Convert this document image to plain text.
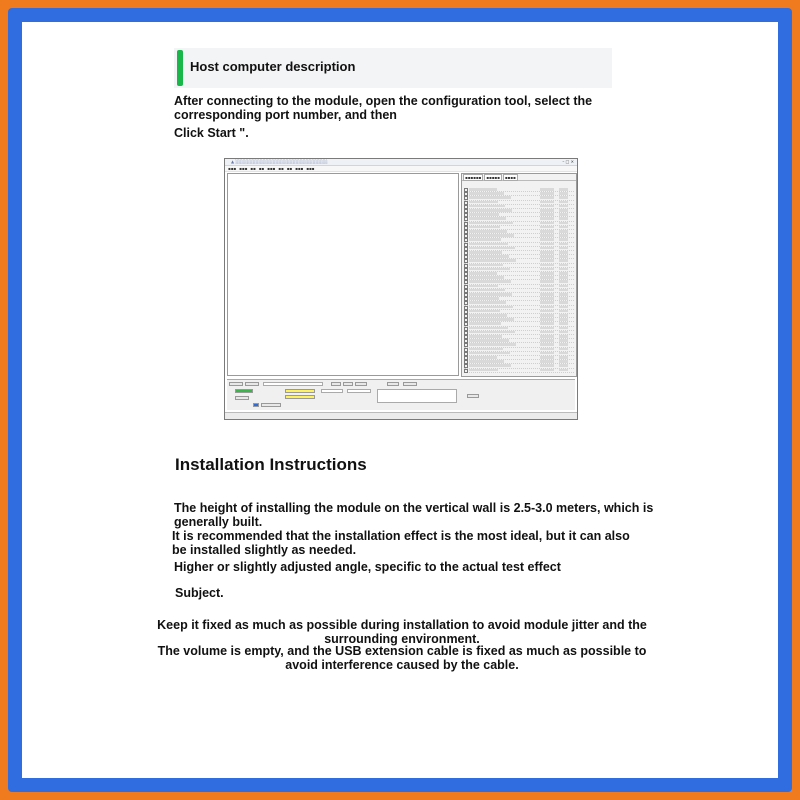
Host computer description
After connecting to the module, open the configuration tool, select the
corresponding port number, and then
Click Start ".
▲ ░░░░░░░░░░░░░░░░░░░░░░░░░░░░░░	– □ ✕
▪▪▪ ▪▪▪ ▪▪ ▪▪ ▪▪▪ ▪▪ ▪▪ ▪▪▪ ▪▪▪
▪▪▪▪▪▪ ▪▪▪▪▪ ▪▪▪▪
Installation Instructions
The height of installing the module on the vertical wall is 2.5-3.0 meters, which is
generally built.
It is recommended that the installation effect is the most ideal, but it can also
be installed slightly as needed.
Higher or slightly adjusted angle, specific to the actual test effect
Subject.
Keep it fixed as much as possible during installation to avoid module jitter and the
surrounding environment.
The volume is empty, and the USB extension cable is fixed as much as possible to
avoid interference caused by the cable.
